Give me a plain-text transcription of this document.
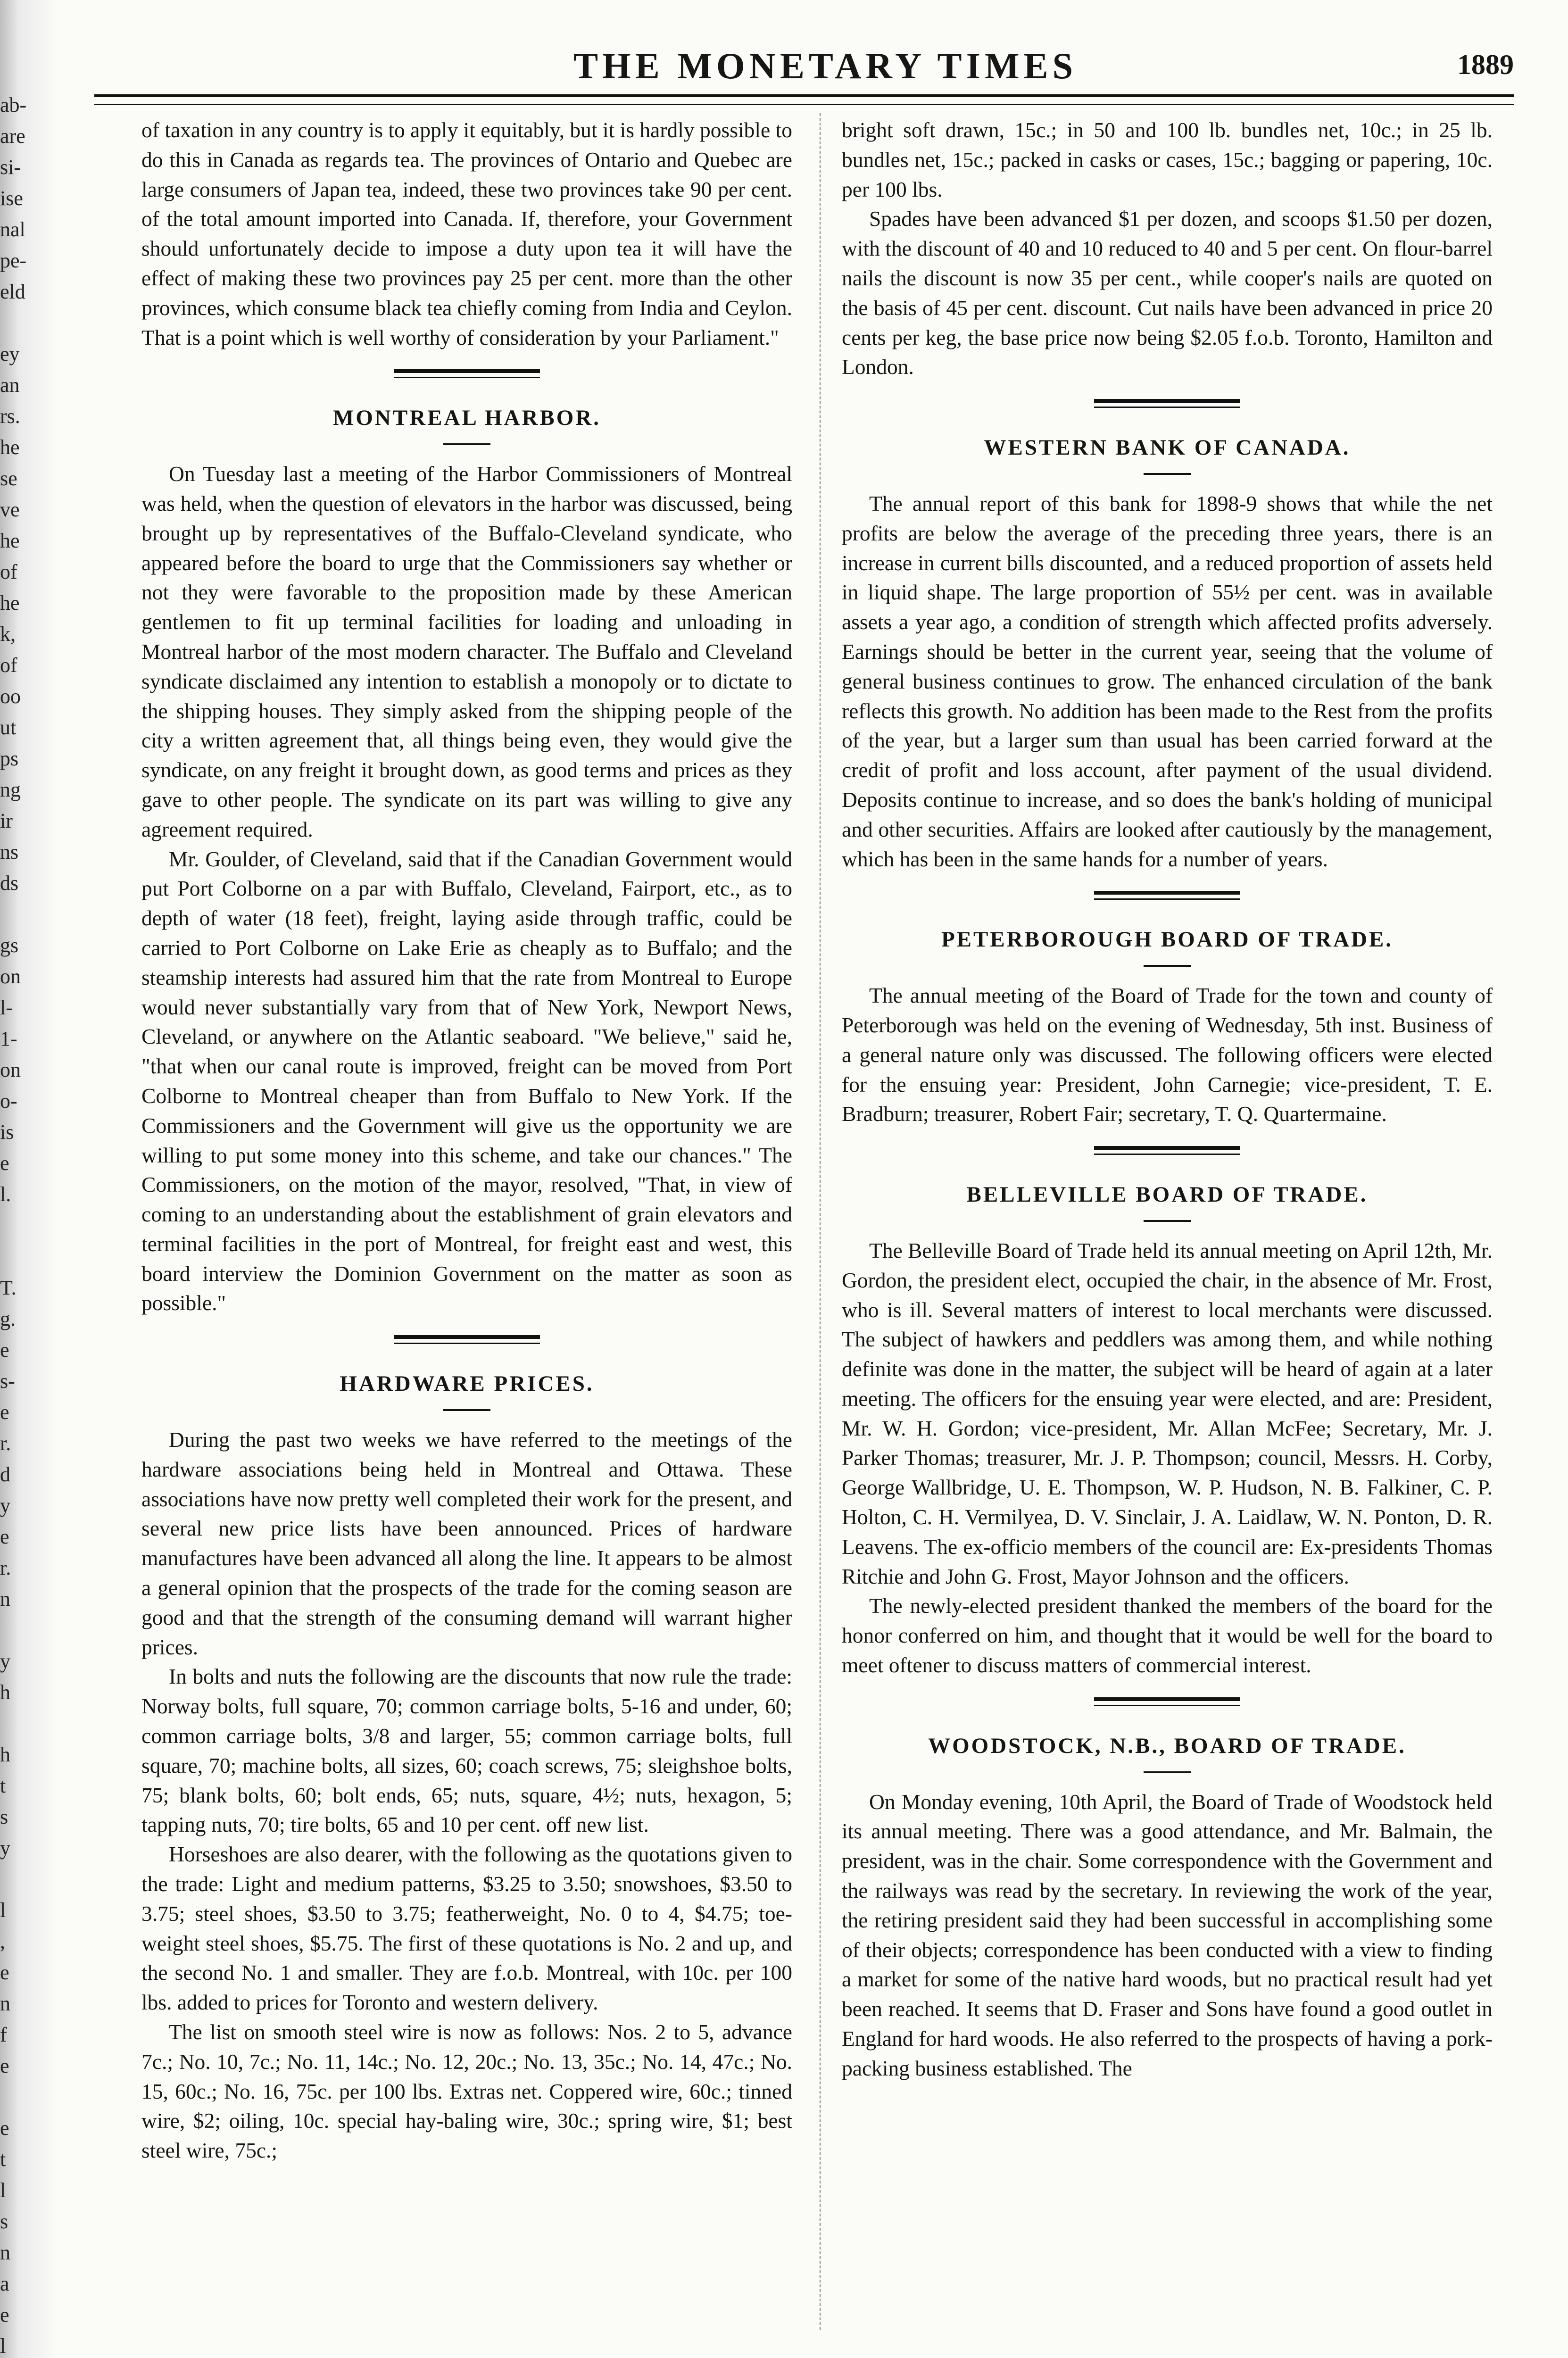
ab-
are
si-
ise
nal
pe-
eld

ey
an
rs.
he
se
ve
he
of
he
k,
of
oo
ut
ps
ng
ir
ns
ds

gs
on
l-
1-
on
o-
is
e
l.

T.
g.
e
s-
e
r.
d
y
e
r.
n

y
h

h
t
s
y

l
,
e
n
f
e

e
t
l
s
n
a
e
l

THE MONETARY TIMES	1889

of taxation in any country is to apply it equitably, but it is hardly possible to do this in Canada as regards tea. The provinces of Ontario and Quebec are large consumers of Japan tea, indeed, these two provinces take 90 per cent. of the total amount imported into Canada. If, therefore, your Government should unfortunately decide to impose a duty upon tea it will have the effect of making these two provinces pay 25 per cent. more than the other provinces, which consume black tea chiefly coming from India and Ceylon. That is a point which is well worthy of consideration by your Parliament."

MONTREAL HARBOR.

On Tuesday last a meeting of the Harbor Commissioners of Montreal was held, when the question of elevators in the harbor was discussed, being brought up by representatives of the Buffalo-Cleveland syndicate, who appeared before the board to urge that the Commissioners say whether or not they were favorable to the proposition made by these American gentlemen to fit up terminal facilities for loading and unloading in Montreal harbor of the most modern character. The Buffalo and Cleveland syndicate disclaimed any intention to establish a monopoly or to dictate to the shipping houses. They simply asked from the shipping people of the city a written agreement that, all things being even, they would give the syndicate, on any freight it brought down, as good terms and prices as they gave to other people. The syndicate on its part was willing to give any agreement required.

Mr. Goulder, of Cleveland, said that if the Canadian Government would put Port Colborne on a par with Buffalo, Cleveland, Fairport, etc., as to depth of water (18 feet), freight, laying aside through traffic, could be carried to Port Colborne on Lake Erie as cheaply as to Buffalo; and the steamship interests had assured him that the rate from Montreal to Europe would never substantially vary from that of New York, Newport News, Cleveland, or anywhere on the Atlantic seaboard. "We believe," said he, "that when our canal route is improved, freight can be moved from Port Colborne to Montreal cheaper than from Buffalo to New York. If the Commissioners and the Government will give us the opportunity we are willing to put some money into this scheme, and take our chances." The Commissioners, on the motion of the mayor, resolved, "That, in view of coming to an understanding about the establishment of grain elevators and terminal facilities in the port of Montreal, for freight east and west, this board interview the Dominion Government on the matter as soon as possible."

HARDWARE PRICES.

During the past two weeks we have referred to the meetings of the hardware associations being held in Montreal and Ottawa. These associations have now pretty well completed their work for the present, and several new price lists have been announced. Prices of hardware manufactures have been advanced all along the line. It appears to be almost a general opinion that the prospects of the trade for the coming season are good and that the strength of the consuming demand will warrant higher prices.

In bolts and nuts the following are the discounts that now rule the trade: Norway bolts, full square, 70; common carriage bolts, 5-16 and under, 60; common carriage bolts, 3/8 and larger, 55; common carriage bolts, full square, 70; machine bolts, all sizes, 60; coach screws, 75; sleighshoe bolts, 75; blank bolts, 60; bolt ends, 65; nuts, square, 4½; nuts, hexagon, 5; tapping nuts, 70; tire bolts, 65 and 10 per cent. off new list.

Horseshoes are also dearer, with the following as the quotations given to the trade: Light and medium patterns, $3.25 to 3.50; snowshoes, $3.50 to 3.75; steel shoes, $3.50 to 3.75; featherweight, No. 0 to 4, $4.75; toe-weight steel shoes, $5.75. The first of these quotations is No. 2 and up, and the second No. 1 and smaller. They are f.o.b. Montreal, with 10c. per 100 lbs. added to prices for Toronto and western delivery.

The list on smooth steel wire is now as follows: Nos. 2 to 5, advance 7c.; No. 10, 7c.; No. 11, 14c.; No. 12, 20c.; No. 13, 35c.; No. 14, 47c.; No. 15, 60c.; No. 16, 75c. per 100 lbs. Extras net. Coppered wire, 60c.; tinned wire, $2; oiling, 10c. special hay-baling wire, 30c.; spring wire, $1; best steel wire, 75c.;

bright soft drawn, 15c.; in 50 and 100 lb. bundles net, 10c.; in 25 lb. bundles net, 15c.; packed in casks or cases, 15c.; bagging or papering, 10c. per 100 lbs.

Spades have been advanced $1 per dozen, and scoops $1.50 per dozen, with the discount of 40 and 10 reduced to 40 and 5 per cent. On flour-barrel nails the discount is now 35 per cent., while cooper's nails are quoted on the basis of 45 per cent. discount. Cut nails have been advanced in price 20 cents per keg, the base price now being $2.05 f.o.b. Toronto, Hamilton and London.

WESTERN BANK OF CANADA.

The annual report of this bank for 1898-9 shows that while the net profits are below the average of the preceding three years, there is an increase in current bills discounted, and a reduced proportion of assets held in liquid shape. The large proportion of 55½ per cent. was in available assets a year ago, a condition of strength which affected profits adversely. Earnings should be better in the current year, seeing that the volume of general business continues to grow. The enhanced circulation of the bank reflects this growth. No addition has been made to the Rest from the profits of the year, but a larger sum than usual has been carried forward at the credit of profit and loss account, after payment of the usual dividend. Deposits continue to increase, and so does the bank's holding of municipal and other securities. Affairs are looked after cautiously by the management, which has been in the same hands for a number of years.

PETERBOROUGH BOARD OF TRADE.

The annual meeting of the Board of Trade for the town and county of Peterborough was held on the evening of Wednesday, 5th inst. Business of a general nature only was discussed. The following officers were elected for the ensuing year: President, John Carnegie; vice-president, T. E. Bradburn; treasurer, Robert Fair; secretary, T. Q. Quartermaine.

BELLEVILLE BOARD OF TRADE.

The Belleville Board of Trade held its annual meeting on April 12th, Mr. Gordon, the president elect, occupied the chair, in the absence of Mr. Frost, who is ill. Several matters of interest to local merchants were discussed. The subject of hawkers and peddlers was among them, and while nothing definite was done in the matter, the subject will be heard of again at a later meeting. The officers for the ensuing year were elected, and are: President, Mr. W. H. Gordon; vice-president, Mr. Allan McFee; Secretary, Mr. J. Parker Thomas; treasurer, Mr. J. P. Thompson; council, Messrs. H. Corby, George Wallbridge, U. E. Thompson, W. P. Hudson, N. B. Falkiner, C. P. Holton, C. H. Vermilyea, D. V. Sinclair, J. A. Laidlaw, W. N. Ponton, D. R. Leavens. The ex-officio members of the council are: Ex-presidents Thomas Ritchie and John G. Frost, Mayor Johnson and the officers.

The newly-elected president thanked the members of the board for the honor conferred on him, and thought that it would be well for the board to meet oftener to discuss matters of commercial interest.

WOODSTOCK, N.B., BOARD OF TRADE.

On Monday evening, 10th April, the Board of Trade of Woodstock held its annual meeting. There was a good attendance, and Mr. Balmain, the president, was in the chair. Some correspondence with the Government and the railways was read by the secretary. In reviewing the work of the year, the retiring president said they had been successful in accomplishing some of their objects; correspondence has been conducted with a view to finding a market for some of the native hard woods, but no practical result had yet been reached. It seems that D. Fraser and Sons have found a good outlet in England for hard woods. He also referred to the prospects of having a pork-packing business established. The
